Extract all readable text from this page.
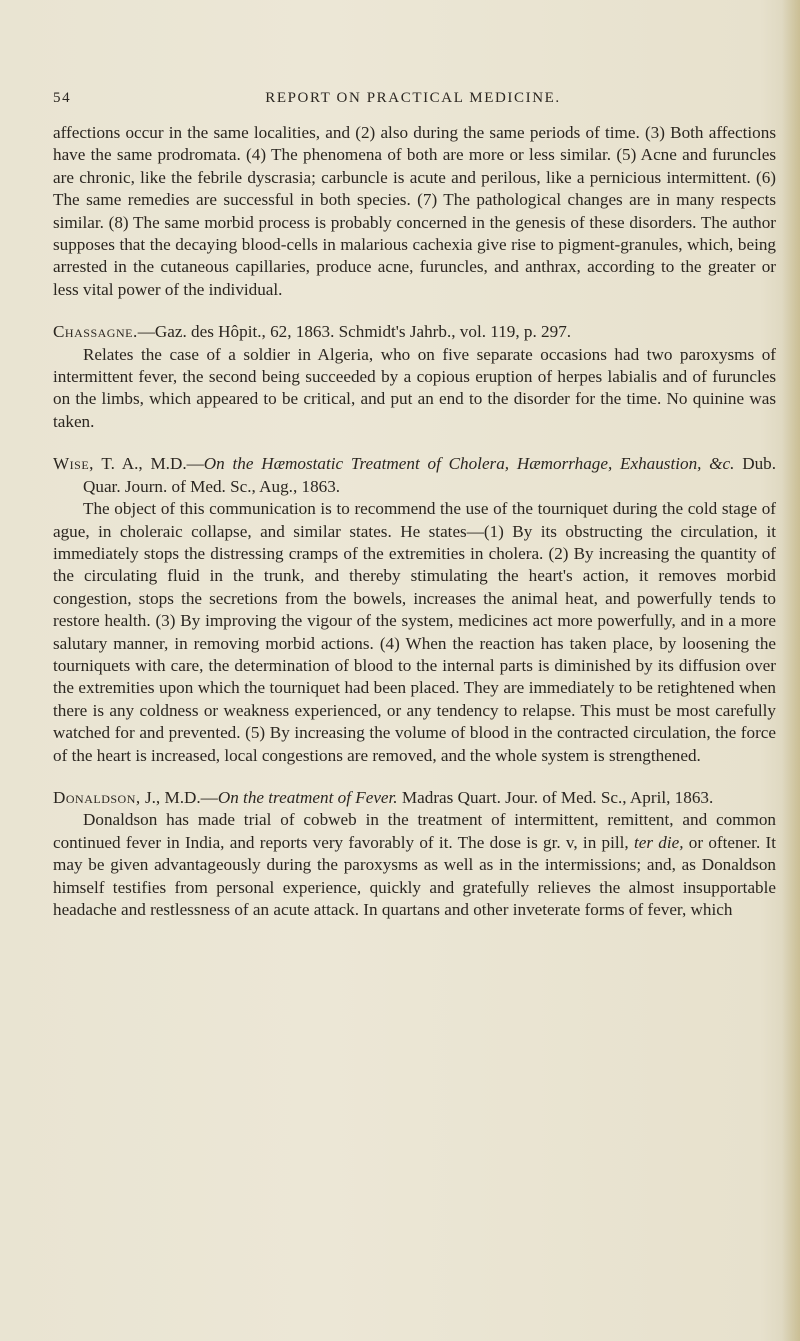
54	REPORT ON PRACTICAL MEDICINE.

affections occur in the same localities, and (2) also during the same periods of time. (3) Both affections have the same prodromata. (4) The phenomena of both are more or less similar. (5) Acne and furuncles are chronic, like the febrile dyscrasia; carbuncle is acute and perilous, like a pernicious intermittent. (6) The same remedies are successful in both species. (7) The pathological changes are in many respects similar. (8) The same morbid process is probably concerned in the genesis of these disorders. The author supposes that the decaying blood-cells in malarious cachexia give rise to pigment-granules, which, being arrested in the cutaneous capillaries, produce acne, furuncles, and anthrax, according to the greater or less vital power of the individual.

Chassagne.—Gaz. des Hôpit., 62, 1863. Schmidt's Jahrb., vol. 119, p. 297.

Relates the case of a soldier in Algeria, who on five separate occasions had two paroxysms of intermittent fever, the second being succeeded by a copious eruption of herpes labialis and of furuncles on the limbs, which appeared to be critical, and put an end to the disorder for the time. No quinine was taken.

Wise, T. A., M.D.—On the Hæmostatic Treatment of Cholera, Hæmorrhage, Exhaustion, &c. Dub. Quar. Journ. of Med. Sc., Aug., 1863.

The object of this communication is to recommend the use of the tourniquet during the cold stage of ague, in choleraic collapse, and similar states. He states—(1) By its obstructing the circulation, it immediately stops the distressing cramps of the extremities in cholera. (2) By increasing the quantity of the circulating fluid in the trunk, and thereby stimulating the heart's action, it removes morbid congestion, stops the secretions from the bowels, increases the animal heat, and powerfully tends to restore health. (3) By improving the vigour of the system, medicines act more powerfully, and in a more salutary manner, in removing morbid actions. (4) When the reaction has taken place, by loosening the tourniquets with care, the determination of blood to the internal parts is diminished by its diffusion over the extremities upon which the tourniquet had been placed. They are immediately to be retightened when there is any coldness or weakness experienced, or any tendency to relapse. This must be most carefully watched for and prevented. (5) By increasing the volume of blood in the contracted circulation, the force of the heart is increased, local congestions are removed, and the whole system is strengthened.

Donaldson, J., M.D.—On the treatment of Fever. Madras Quart. Jour. of Med. Sc., April, 1863.

Donaldson has made trial of cobweb in the treatment of intermittent, remittent, and common continued fever in India, and reports very favorably of it. The dose is gr. v, in pill, ter die, or oftener. It may be given advantageously during the paroxysms as well as in the intermissions; and, as Donaldson himself testifies from personal experience, quickly and gratefully relieves the almost insupportable headache and restlessness of an acute attack. In quartans and other inveterate forms of fever, which
